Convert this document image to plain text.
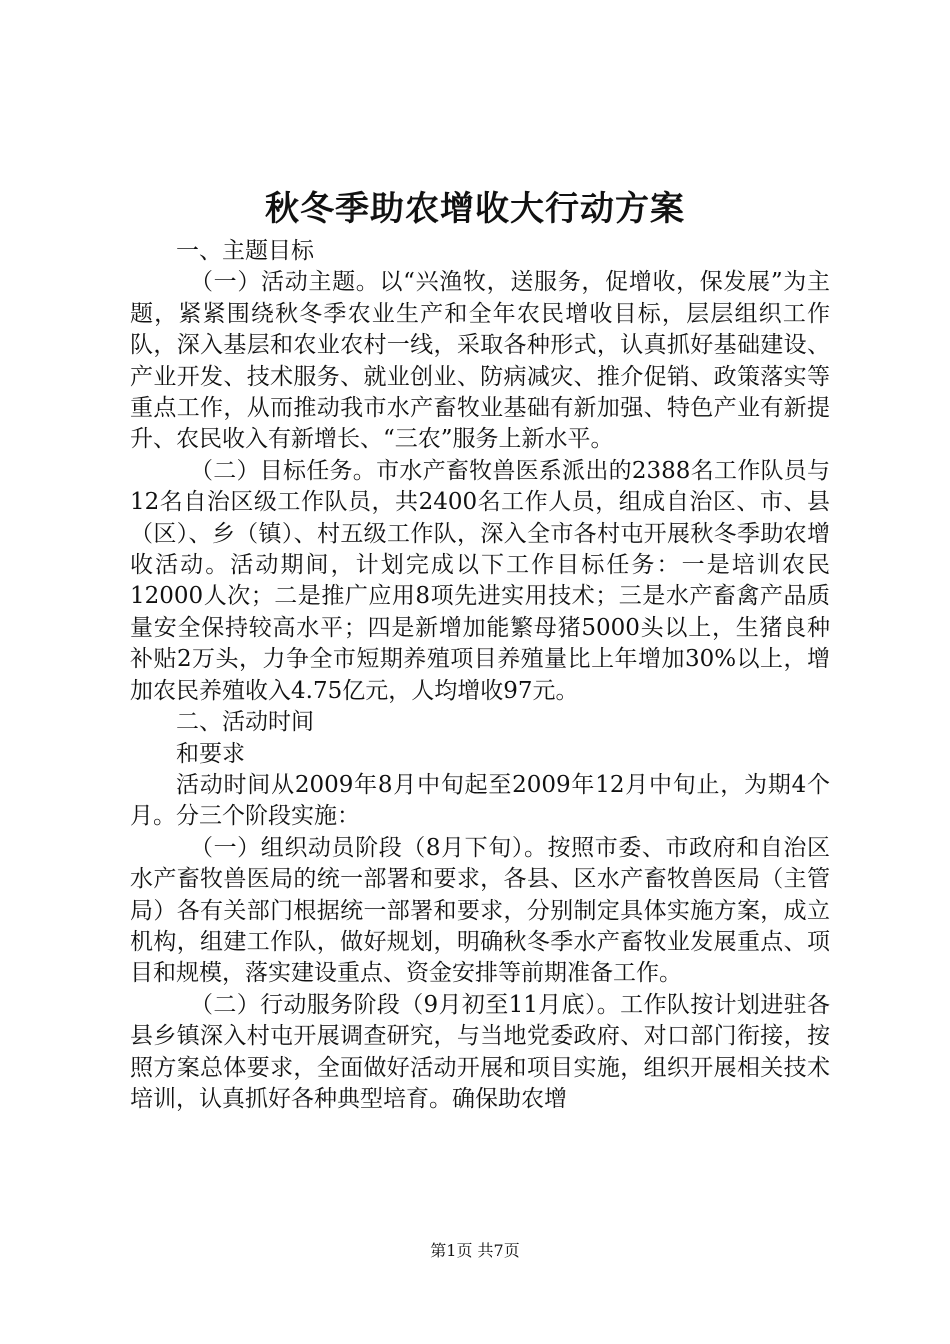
秋冬季助农增收大行动方案

一、主题目标

（一）活动主题。以“兴渔牧，送服务，促增收，保发展”为主题，紧紧围绕秋冬季农业生产和全年农民增收目标，层层组织工作队，深入基层和农业农村一线，采取各种形式，认真抓好基础建设、产业开发、技术服务、就业创业、防病减灾、推介促销、政策落实等重点工作，从而推动我市水产畜牧业基础有新加强、特色产业有新提升、农民收入有新增长、“三农”服务上新水平。

（二）目标任务。市水产畜牧兽医系派出的2388名工作队员与12名自治区级工作队员，共2400名工作人员，组成自治区、市、县（区）、乡（镇）、村五级工作队，深入全市各村屯开展秋冬季助农增收活动。活动期间，计划完成以下工作目标任务：一是培训农民12000人次；二是推广应用8项先进实用技术；三是水产畜禽产品质量安全保持较高水平；四是新增加能繁母猪5000头以上，生猪良种补贴2万头，力争全市短期养殖项目养殖量比上年增加30%以上，增加农民养殖收入4.75亿元，人均增收97元。

二、活动时间

和要求

活动时间从2009年8月中旬起至2009年12月中旬止，为期4个月。分三个阶段实施：

（一）组织动员阶段（8月下旬）。按照市委、市政府和自治区水产畜牧兽医局的统一部署和要求，各县、区水产畜牧兽医局（主管局）各有关部门根据统一部署和要求，分别制定具体实施方案，成立机构，组建工作队，做好规划，明确秋冬季水产畜牧业发展重点、项目和规模，落实建设重点、资金安排等前期准备工作。

（二）行动服务阶段（9月初至11月底）。工作队按计划进驻各县乡镇深入村屯开展调查研究，与当地党委政府、对口部门衔接，按照方案总体要求，全面做好活动开展和项目实施，组织开展相关技术培训，认真抓好各种典型培育。确保助农增

第1页 共7页
